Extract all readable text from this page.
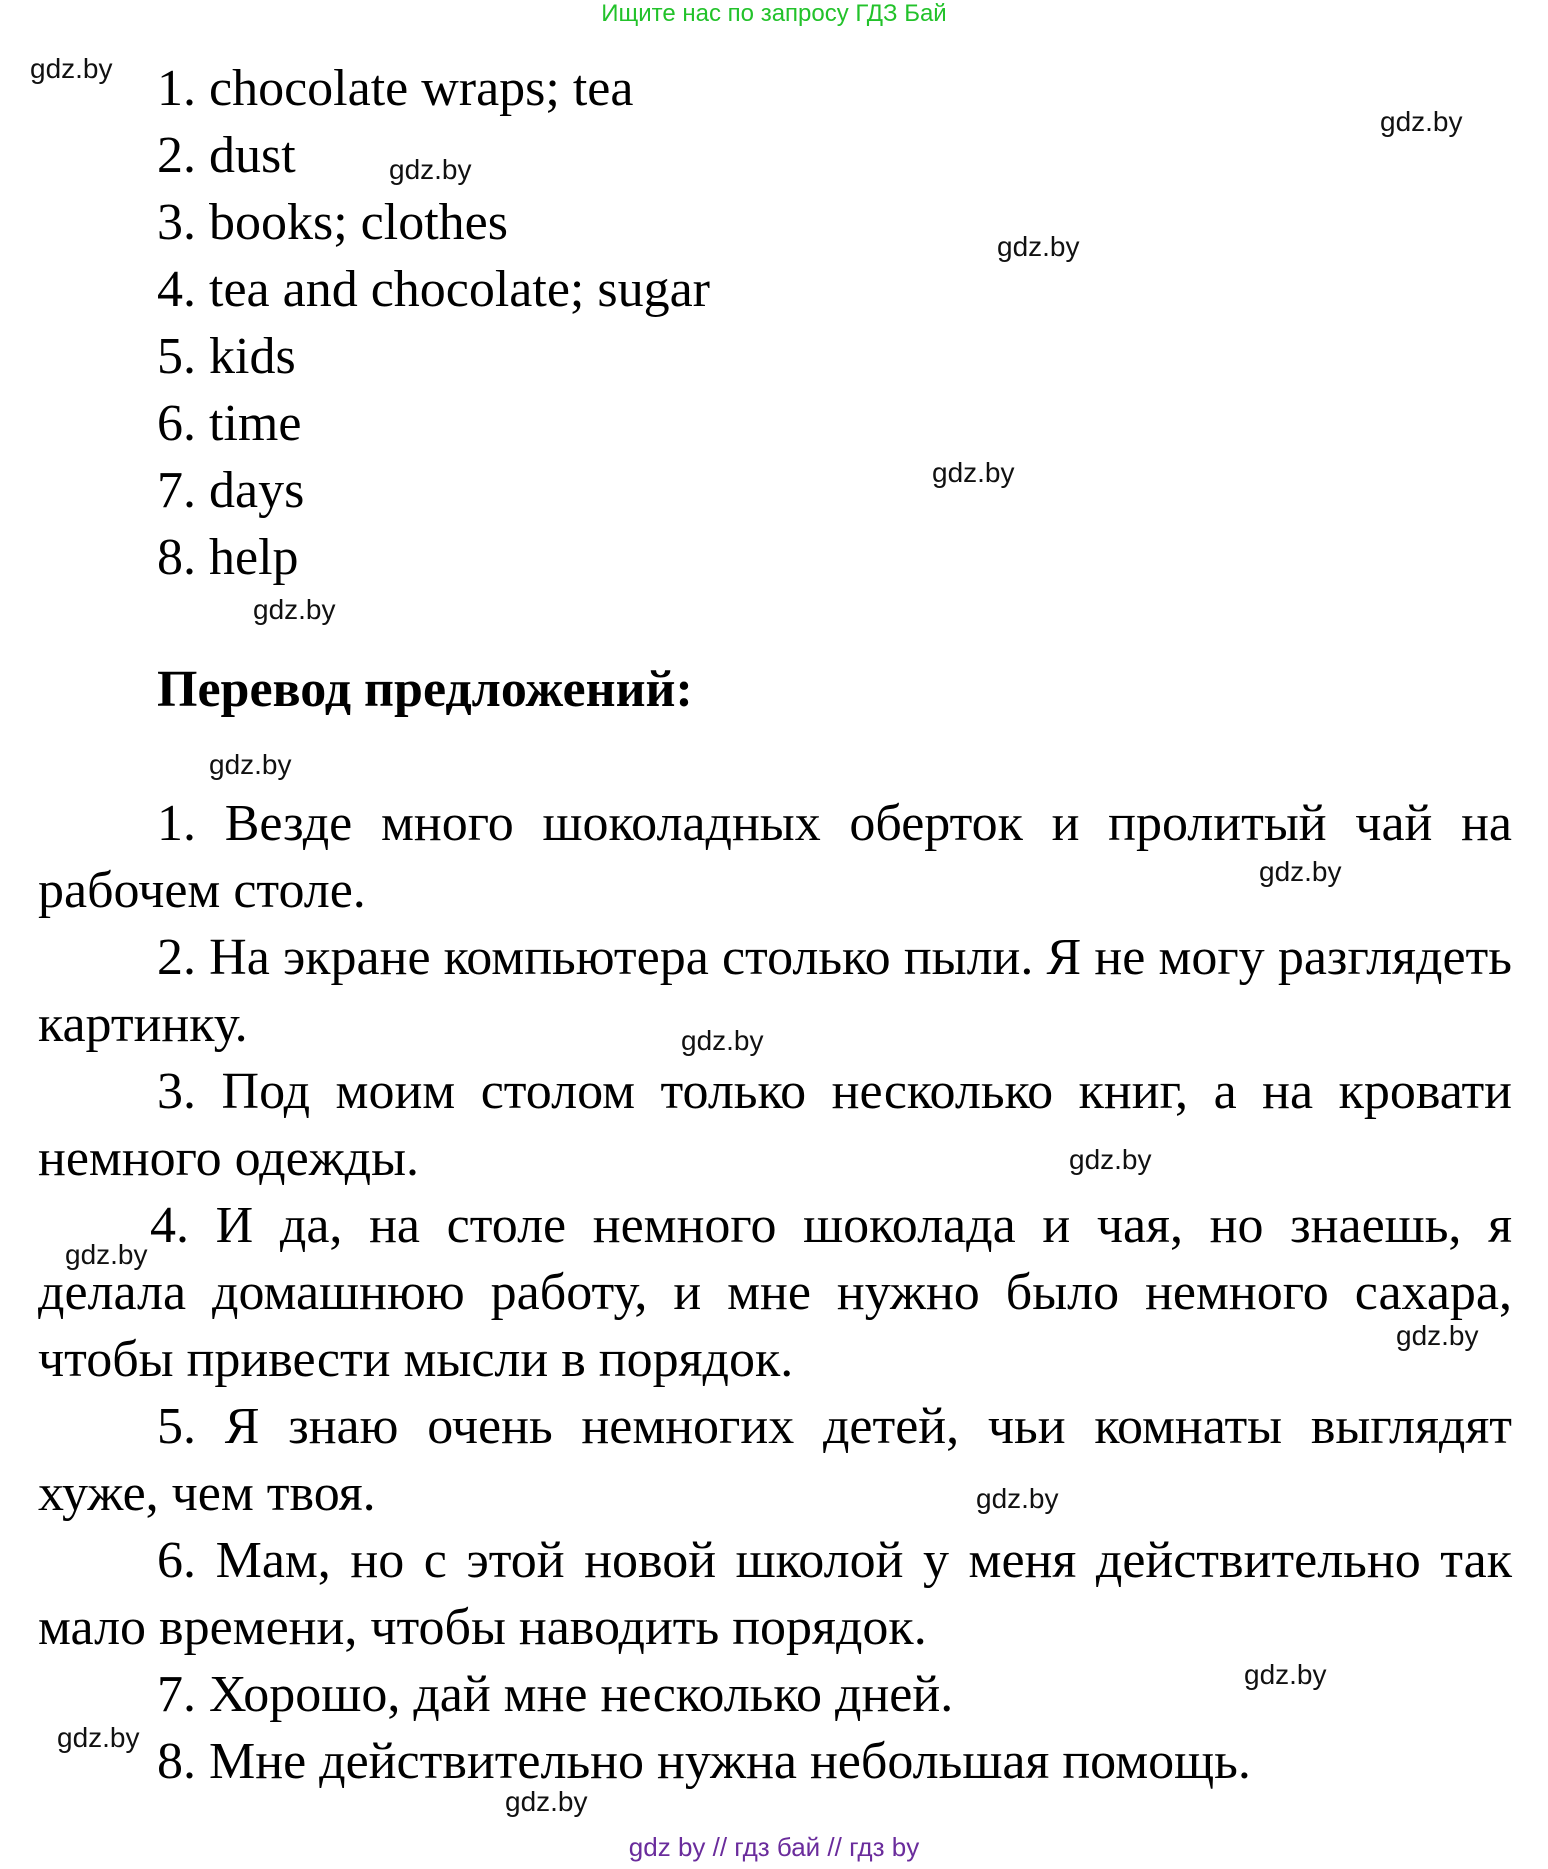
Ищите нас по запросу ГДЗ Бай
1. chocolate wraps; tea
2. dust
3. books; clothes
4. tea and chocolate; sugar
5. kids
6. time
7. days
8. help
Перевод предложений:

1. Везде много шоколадных оберток и пролитый чай на рабочем столе.

2. На экране компьютера столько пыли. Я не могу разглядеть картинку.

3. Под моим столом только несколько книг, а на кровати немного одежды.

4. И да, на столе немного шоколада и чая, но знаешь, я делала домашнюю работу, и мне нужно было немного сахара, чтобы привести мысли в порядок.

5. Я знаю очень немногих детей, чьи комнаты выглядят хуже, чем твоя.

6. Мам, но с этой новой школой у меня действительно так мало времени, чтобы наводить порядок.

7. Хорошо, дай мне несколько дней.

8. Мне действительно нужна небольшая помощь.

gdz.by
gdz.by
gdz.by
gdz.by
gdz.by
gdz.by
gdz.by
gdz.by
gdz.by
gdz.by
gdz.by
gdz.by
gdz.by
gdz.by
gdz.by
gdz.by
gdz by // гдз бай // гдз by
